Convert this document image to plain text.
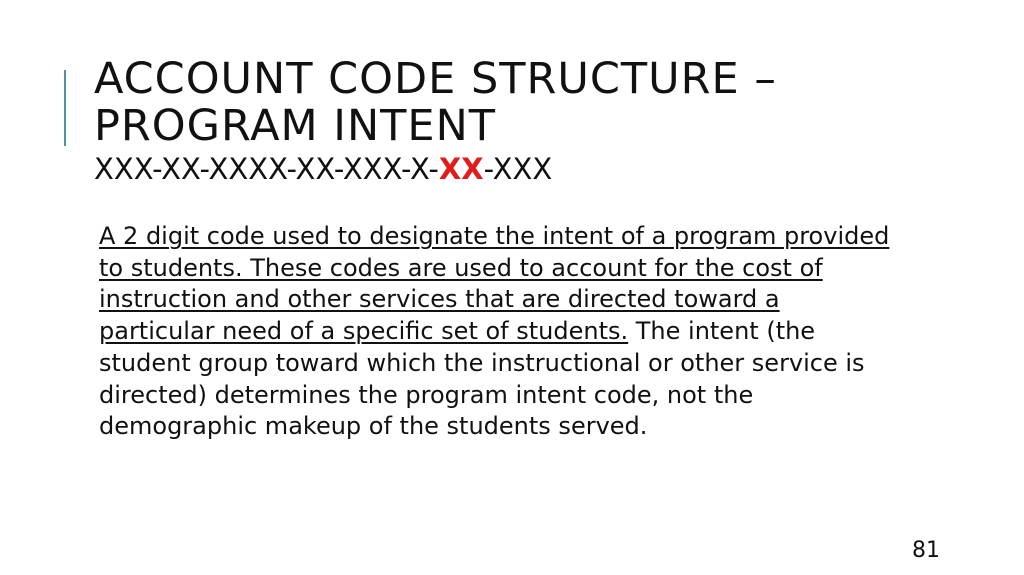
ACCOUNT CODE STRUCTURE –
PROGRAM INTENT
XXX-XX-XXXX-XX-XXX-X-XX-XXX
A 2 digit code used to designate the intent of a program provided to students. These codes are used to account for the cost of instruction and other services that are directed toward a particular need of a specific set of students. The intent (the student group toward which the instructional or other service is directed) determines the program intent code, not the demographic makeup of the students served.
81
